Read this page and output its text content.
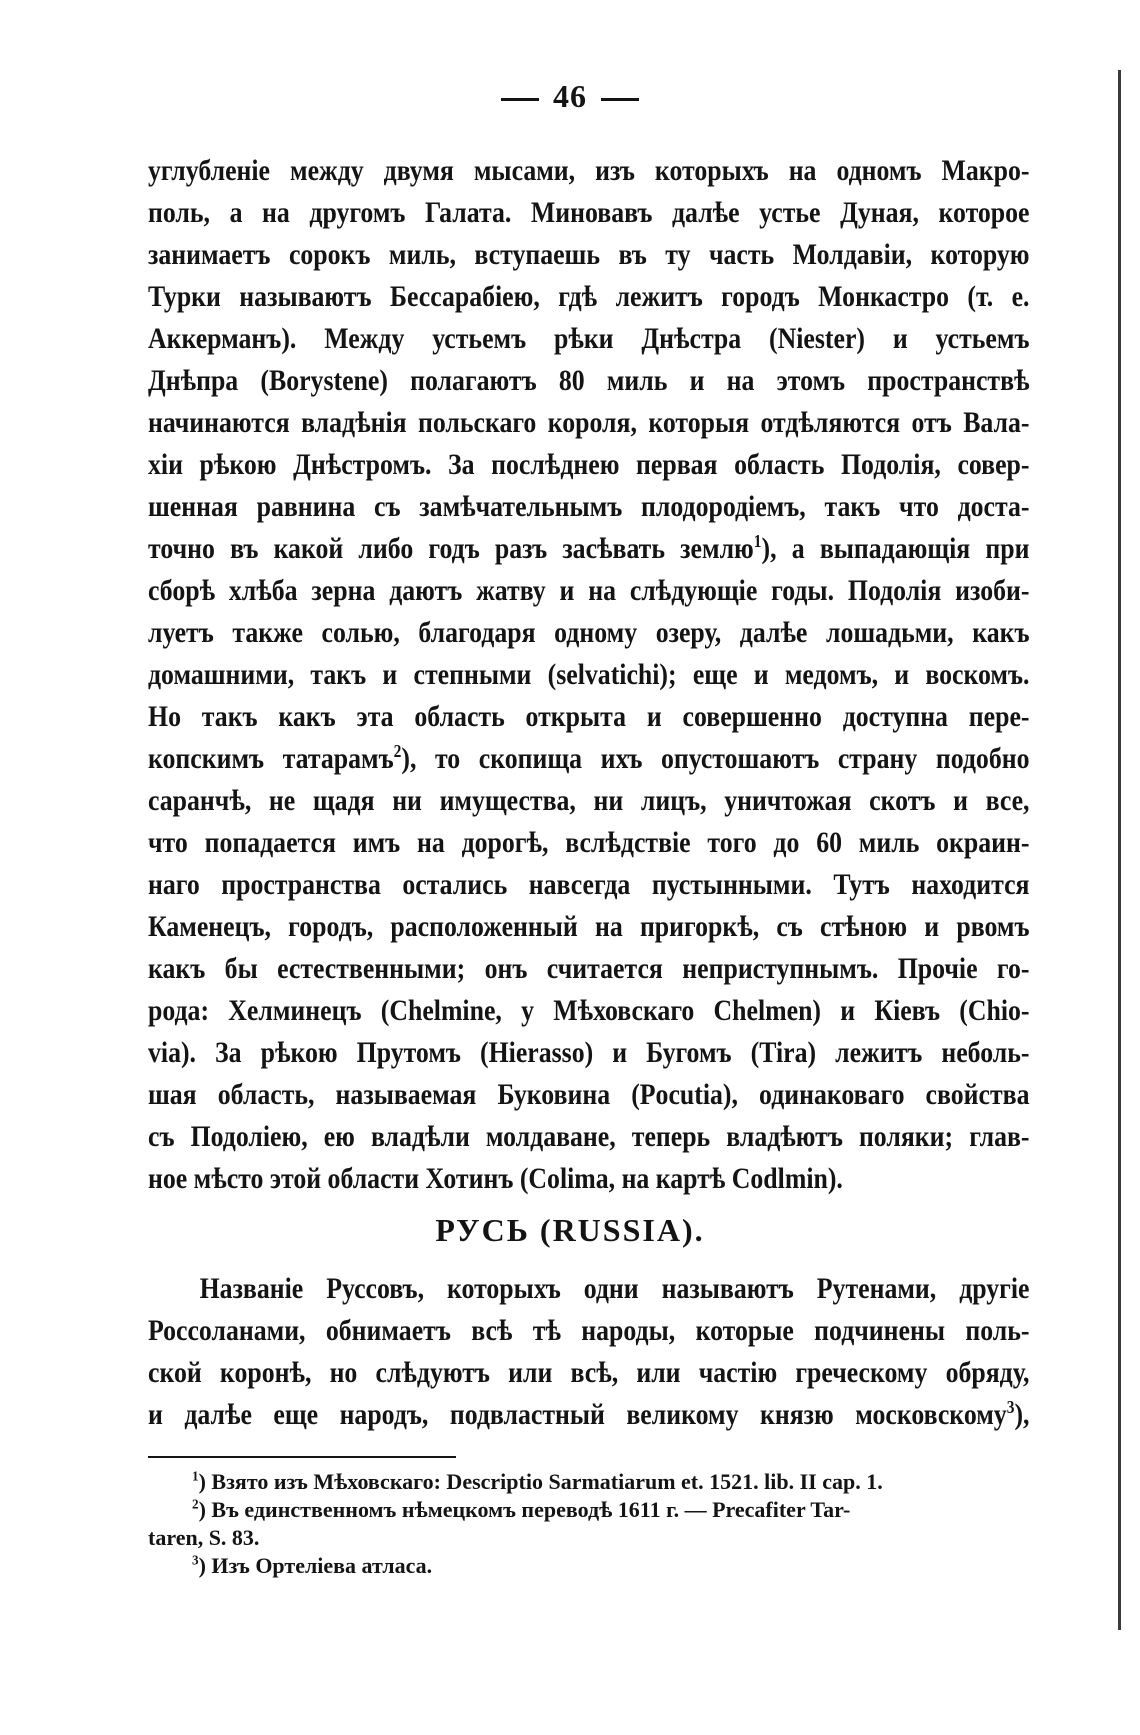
46
углубленіе между двумя мысами, изъ которыхъ на одномъ Макро-
поль, а на другомъ Галата. Миновавъ далѣе устье Дуная, которое
занимаетъ сорокъ миль, вступаешь въ ту часть Молдавіи, которую
Турки называютъ Бессарабіею, гдѣ лежитъ городъ Монкастро (т. е.
Аккерманъ). Между устьемъ рѣки Днѣстра (Niester) и устьемъ
Днѣпра (Borystene) полагаютъ 80 миль и на этомъ пространствѣ
начинаются владѣнія польскаго короля, которыя отдѣляются отъ Вала-
хіи рѣкою Днѣстромъ. За послѣднею первая область Подолія, совер-
шенная равнина съ замѣчательнымъ плодородіемъ, такъ что доста-
точно въ какой либо годъ разъ засѣвать землю$^1$), а выпадающія при
сборѣ хлѣба зерна даютъ жатву и на слѣдующіе годы. Подолія изоби-
луетъ также солью, благодаря одному озеру, далѣе лошадьми, какъ
домашними, такъ и степными (selvatichi); еще и медомъ, и воскомъ.
Но такъ какъ эта область открыта и совершенно доступна пере-
копскимъ татарамъ$^2$), то скопища ихъ опустошаютъ страну подобно
саранчѣ, не щадя ни имущества, ни лицъ, уничтожая скотъ и все,
что попадается имъ на дорогѣ, вслѣдствіе того до 60 миль окраин-
наго пространства остались навсегда пустынными. Тутъ находится
Каменецъ, городъ, расположенный на пригоркѣ, съ стѣною и рвомъ
какъ бы естественными; онъ считается неприступнымъ. Прочіе го-
рода: Хелминецъ (Chelmine, у Мѣховскаго Chelmen) и Кіевъ (Chio-
via). За рѣкою Прутомъ (Hierasso) и Бугомъ (Tira) лежитъ неболь-
шая область, называемая Буковина (Pocutia), одинаковаго свойства
съ Подоліею, ею владѣли молдаване, теперь владѣютъ поляки; глав-
ное мѣсто этой области Хотинъ (Colima, на картѣ Codlmin).
РУСЬ (RUSSIA).
Названіе Руссовъ, которыхъ одни называютъ Рутенами, другіе
Россоланами, обнимаетъ всѣ тѣ народы, которые подчинены поль-
ской коронѣ, но слѣдуютъ или всѣ, или частію греческому обряду,
и далѣе еще народъ, подвластный великому князю московскому$^3$),
$^1$) Взято изъ Мѣховскаго: Descriptio Sarmatiarum et. 1521. lib. II cap. 1.
$^2$) Въ единственномъ нѣмецкомъ переводѣ 1611 г. — Precafiter Tar-
taren, S. 83.
$^3$) Изъ Ортеліева атласа.
